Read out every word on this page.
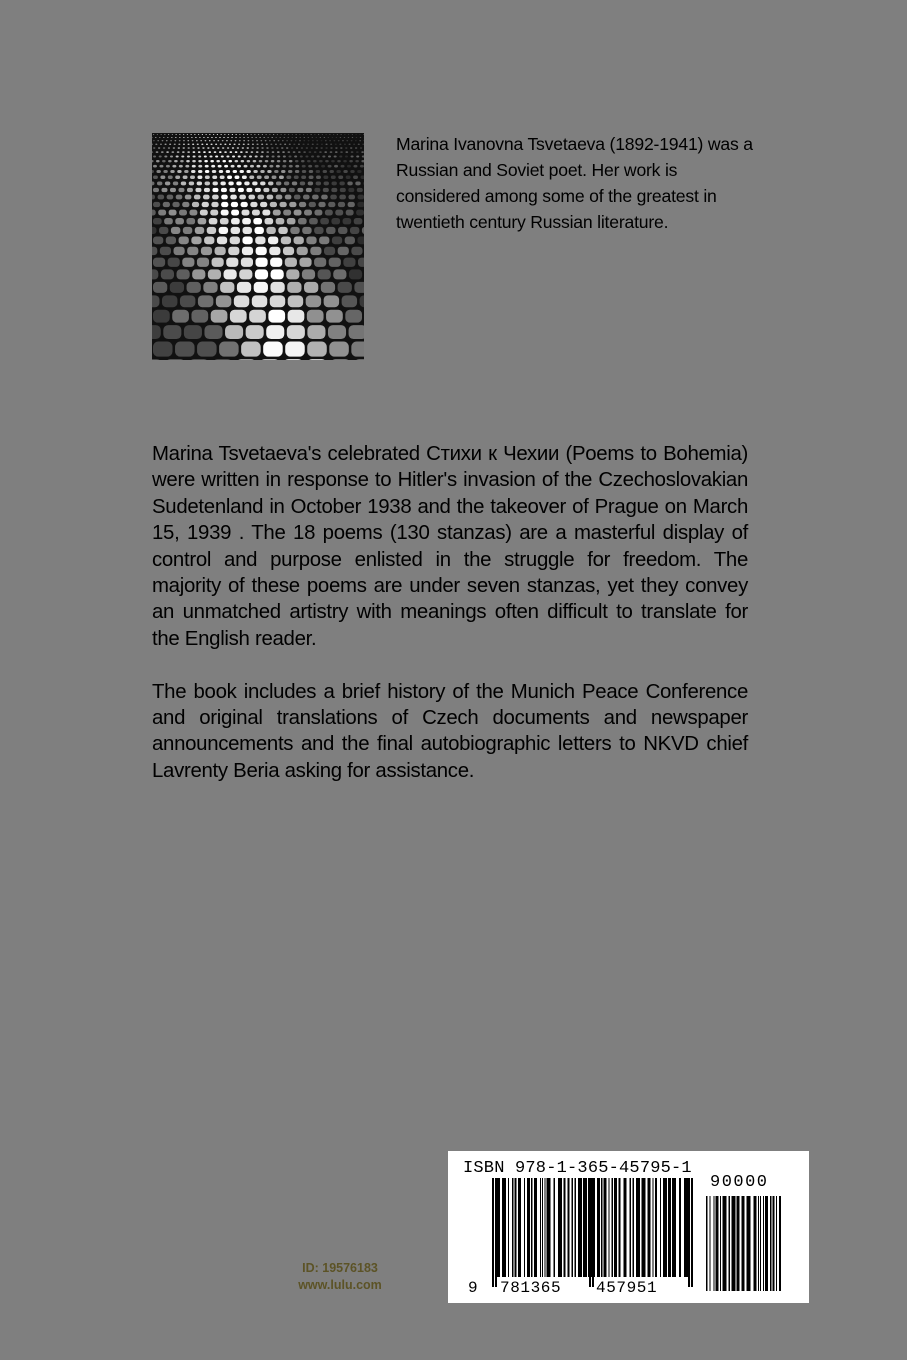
Marina Ivanovna Tsvetaeva (1892-1941) was a Russian and Soviet poet. Her work is considered among some of the greatest in twentieth century Russian literature.

Marina Tsvetaeva's celebrated Стихи к Чехии (Poems to Bohemia) were written in response to Hitler's invasion of the Czechoslovakian Sudetenland in October 1938 and the takeover of Prague on March 15, 1939 . The 18 poems (130 stanzas) are a masterful display of control and purpose enlisted in the struggle for freedom. The majority of these poems are under seven stanzas, yet they convey an unmatched artistry with meanings often difficult to translate for the English reader.

The book includes a brief history of the Munich Peace Conference and original translations of Czech documents and newspaper announcements and the final autobiographic letters to NKVD chief Lavrenty Beria asking for assistance.

ID: 19576183
www.lulu.com
ISBN 978-1-365-45795-1
90000
9 781365 457951
